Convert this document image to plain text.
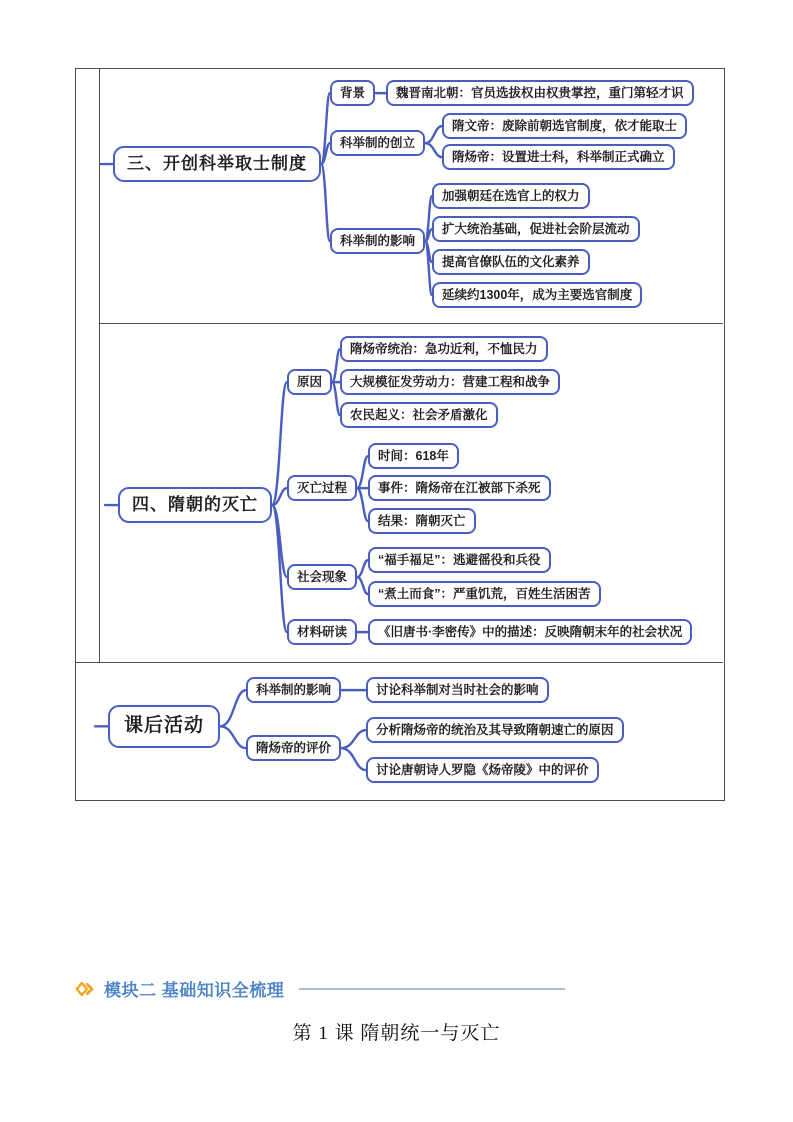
三、开创科举取士制度
背景	魏晋南北朝：官员选拔权由权贵掌控，重门第轻才识
科举制的创立
隋文帝：废除前朝选官制度，依才能取士
隋炀帝：设置进士科，科举制正式确立
科举制的影响
加强朝廷在选官上的权力
扩大统治基础，促进社会阶层流动
提高官僚队伍的文化素养
延续约1300年，成为主要选官制度
四、隋朝的灭亡
原因
隋炀帝统治：急功近利，不恤民力
大规模征发劳动力：营建工程和战争
农民起义：社会矛盾激化
灭亡过程
时间：618年
事件：隋炀帝在江被部下杀死
结果：隋朝灭亡
社会现象
“福手福足”：逃避徭役和兵役
“煮土而食”：严重饥荒，百姓生活困苦
材料研读	《旧唐书·李密传》中的描述：反映隋朝末年的社会状况
课后活动
科举制的影响	讨论科举制对当时社会的影响
隋炀帝的评价
分析隋炀帝的统治及其导致隋朝速亡的原因
讨论唐朝诗人罗隐《炀帝陵》中的评价
模块二 基础知识全梳理
第 1 课 隋朝统一与灭亡
